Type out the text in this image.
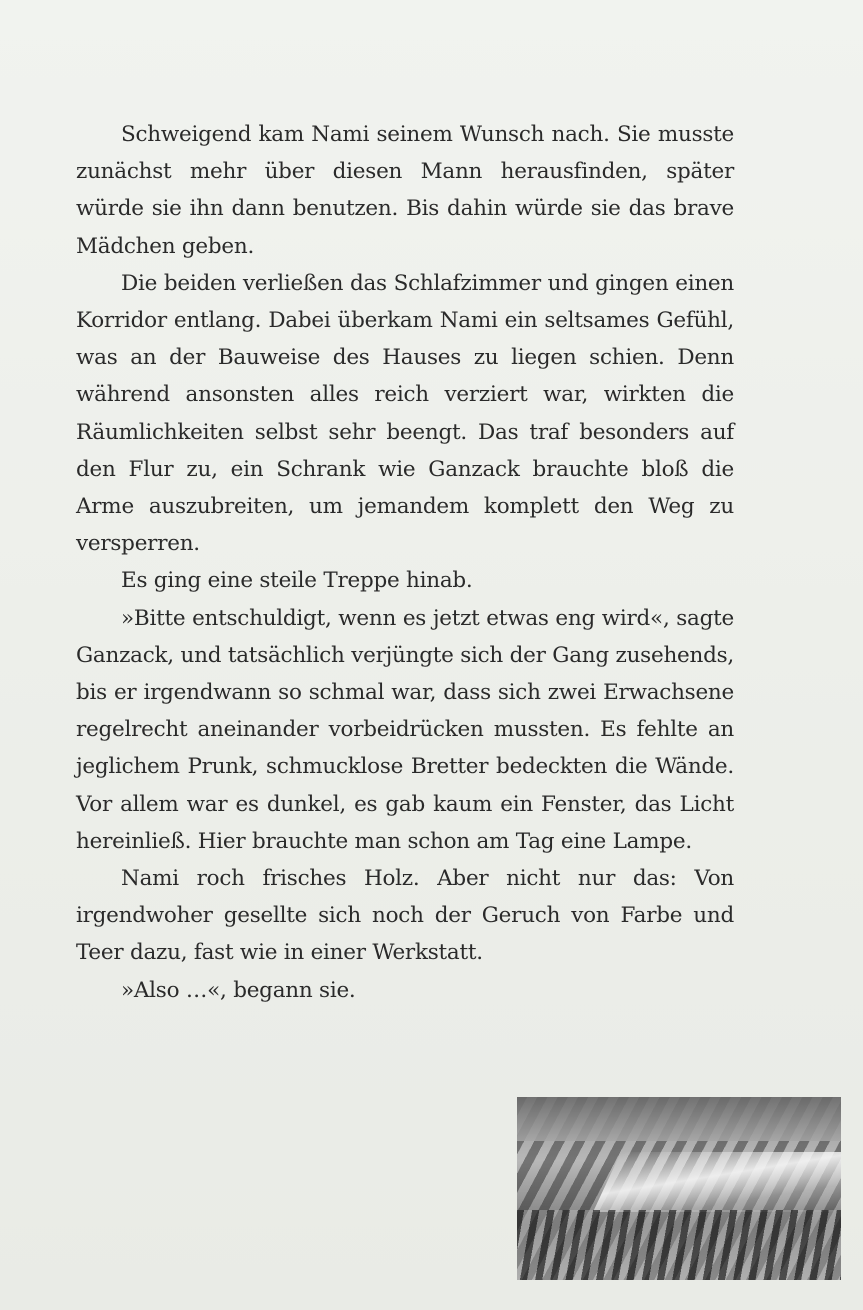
Schweigend kam Nami seinem Wunsch nach. Sie musste zunächst mehr über diesen Mann herausfinden, später würde sie ihn dann benutzen. Bis dahin würde sie das brave Mädchen geben.

Die beiden verließen das Schlafzimmer und gingen einen Korridor entlang. Dabei überkam Nami ein seltsames Gefühl, was an der Bauweise des Hauses zu liegen schien. Denn während ansonsten alles reich verziert war, wirkten die Räumlichkeiten selbst sehr beengt. Das traf besonders auf den Flur zu, ein Schrank wie Ganzack brauchte bloß die Arme auszubreiten, um jemandem komplett den Weg zu versperren.

Es ging eine steile Treppe hinab.

»Bitte entschuldigt, wenn es jetzt etwas eng wird«, sagte Ganzack, und tatsächlich verjüngte sich der Gang zusehends, bis er irgendwann so schmal war, dass sich zwei Erwachsene regelrecht aneinander vorbeidrücken mussten. Es fehlte an jeglichem Prunk, schmucklose Bretter bedeckten die Wände. Vor allem war es dunkel, es gab kaum ein Fenster, das Licht hereinließ. Hier brauchte man schon am Tag eine Lampe.

Nami roch frisches Holz. Aber nicht nur das: Von irgendwoher gesellte sich noch der Geruch von Farbe und Teer dazu, fast wie in einer Werkstatt.

»Also …«, begann sie.
